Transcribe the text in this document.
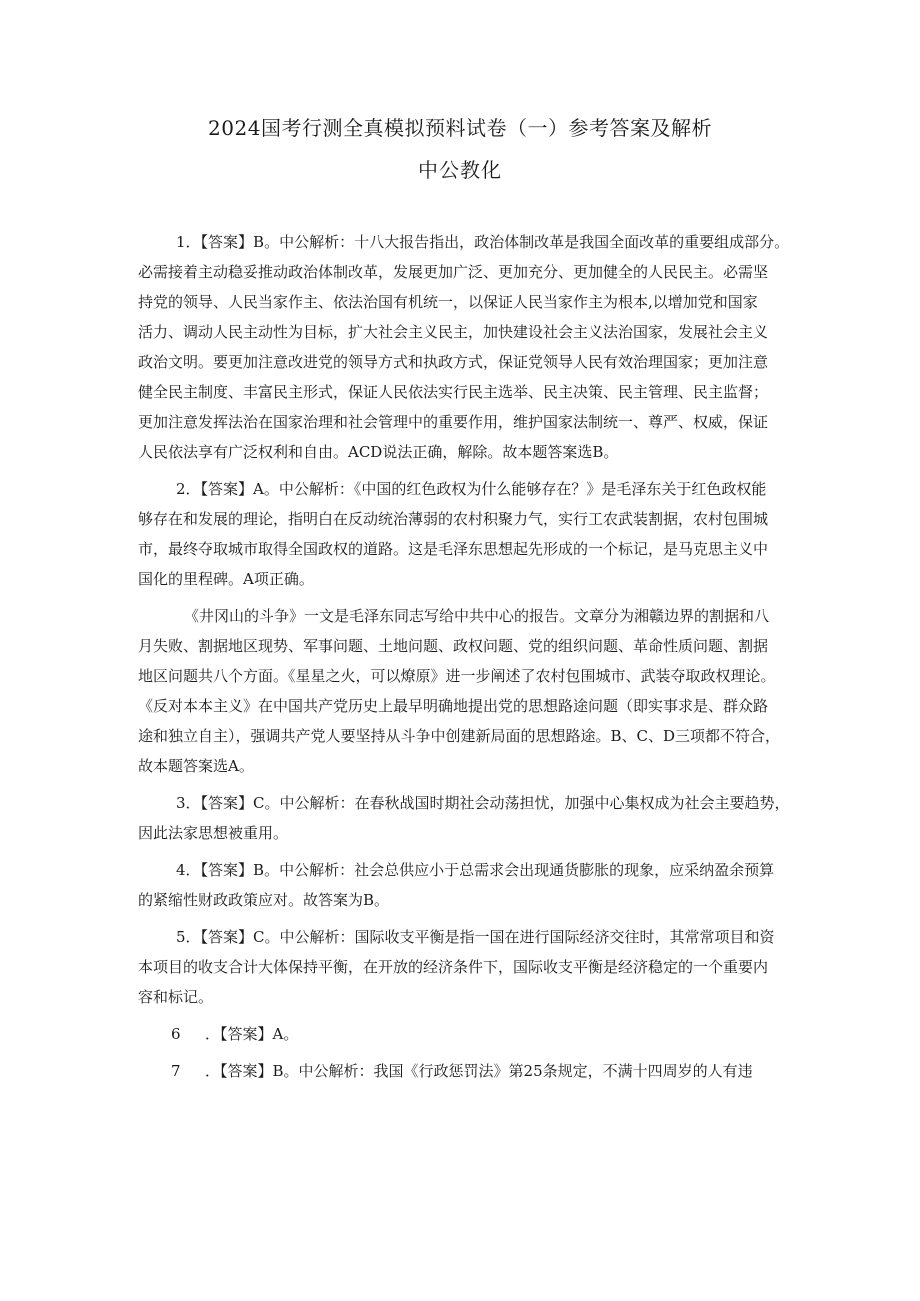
2024国考行测全真模拟预料试卷（一）参考答案及解析
中公教化
1．【答案】B。中公解析：十八大报告指出，政治体制改革是我国全面改革的重要组成部分。
必需接着主动稳妥推动政治体制改革，发展更加广泛、更加充分、更加健全的人民民主。必需坚
持党的领导、人民当家作主、依法治国有机统一，以保证人民当家作主为根本,以增加党和国家
活力、调动人民主动性为目标，扩大社会主义民主，加快建设社会主义法治国家，发展社会主义
政治文明。要更加注意改进党的领导方式和执政方式，保证党领导人民有效治理国家；更加注意
健全民主制度、丰富民主形式，保证人民依法实行民主选举、民主决策、民主管理、民主监督；
更加注意发挥法治在国家治理和社会管理中的重要作用，维护国家法制统一、尊严、权威，保证
人民依法享有广泛权利和自由。ACD说法正确，解除。故本题答案选B。
2．【答案】A。中公解析：《中国的红色政权为什么能够存在？》是毛泽东关于红色政权能
够存在和发展的理论，指明白在反动统治薄弱的农村积聚力气，实行工农武装割据，农村包围城
市，最终夺取城市取得全国政权的道路。这是毛泽东思想起先形成的一个标记，是马克思主义中
国化的里程碑。A项正确。
《井冈山的斗争》一文是毛泽东同志写给中共中心的报告。文章分为湘赣边界的割据和八
月失败、割据地区现势、军事问题、土地问题、政权问题、党的组织问题、革命性质问题、割据
地区问题共八个方面。《星星之火，可以燎原》进一步阐述了农村包围城市、武装夺取政权理论。
《反对本本主义》在中国共产党历史上最早明确地提出党的思想路途问题（即实事求是、群众路
途和独立自主），强调共产党人要坚持从斗争中创建新局面的思想路途。B、C、D三项都不符合，
故本题答案选A。
3．【答案】C。中公解析：在春秋战国时期社会动荡担忧，加强中心集权成为社会主要趋势，
因此法家思想被重用。
4．【答案】B。中公解析：社会总供应小于总需求会出现通货膨胀的现象，应采纳盈余预算
的紧缩性财政政策应对。故答案为B。
5．【答案】C。中公解析：国际收支平衡是指一国在进行国际经济交往时，其常常项目和资
本项目的收支合计大体保持平衡，在开放的经济条件下，国际收支平衡是经济稳定的一个重要内
容和标记。
6 ．【答案】A。
7 ．【答案】B。中公解析：我国《行政惩罚法》第25条规定，不满十四周岁的人有违
